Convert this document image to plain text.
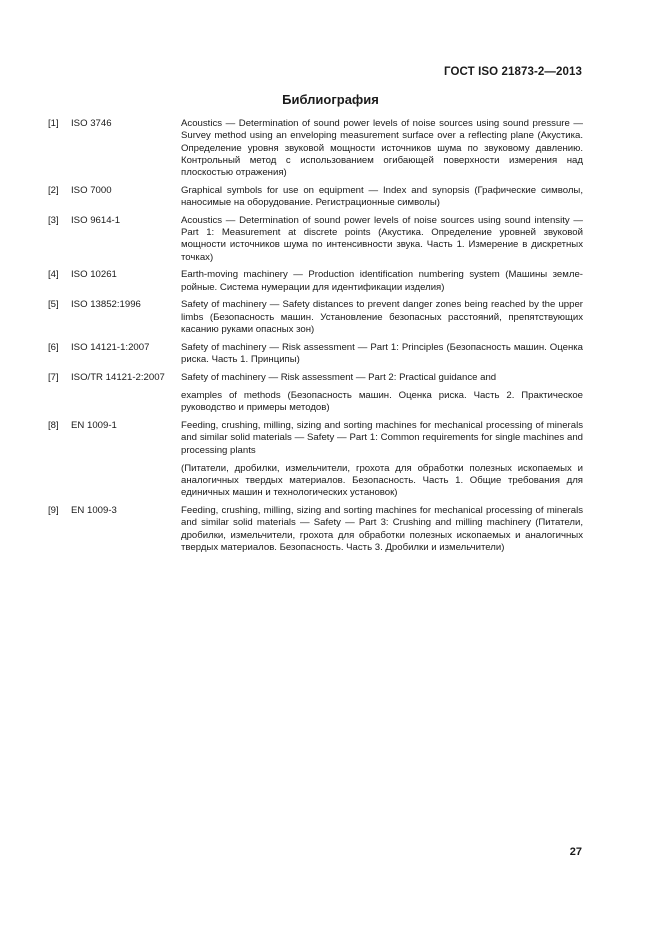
ГОСТ ISO 21873-2—2013
Библиография
[1]	ISO 3746	Acoustics — Determination of sound power levels of noise sources using sound pressure — Survey method using an enveloping measurement surface over a reflecting plane (Акустика. Определение уровня звуковой мощности источников шума по звуковому давлению. Контрольный метод с использованием огибающей поверхности измерения над плоскостью отражения)

[2]	ISO 7000	Graphical symbols for use on equipment — Index and synopsis (Графические символы, наносимые на оборудование. Регистрационные символы)

[3]	ISO 9614-1	Acoustics — Determination of sound power levels of noise sources using sound intensity — Part 1: Measurement at discrete points (Акустика. Определение уровней звуковой мощности источников шума по интенсивности звука. Часть 1. Измерение в дискретных точках)

[4]	ISO 10261	Earth-moving machinery — Production identification numbering system (Машины землеройные. Система нумерации для идентификации изделия)

[5]	ISO 13852:1996	Safety of machinery — Safety distances to prevent danger zones being reached by the upper limbs (Безопасность машин. Установление безопасных расстояний, препятствующих касанию руками опасных зон)

[6]	ISO 14121-1:2007	Safety of machinery — Risk assessment — Part 1: Principles (Безопасность машин. Оценка риска. Часть 1. Принципы)

[7]	ISO/TR 14121-2:2007	Safety of machinery — Risk assessment — Part 2: Practical guidance and

examples of methods (Безопасность машин. Оценка риска. Часть 2. Практическое руководство и примеры методов)

[8]	EN 1009-1	Feeding, crushing, milling, sizing and sorting machines for mechanical processing of minerals and similar solid materials — Safety — Part 1: Common requirements for single machines and processing plants

(Питатели, дробилки, измельчители, грохота для обработки полезных ископаемых и аналогичных твердых материалов. Безопасность. Часть 1. Общие требования для единичных машин и технологических установок)

[9]	EN 1009-3	Feeding, crushing, milling, sizing and sorting machines for mechanical processing of minerals and similar solid materials — Safety — Part 3: Crushing and milling machinery (Питатели, дробилки, измельчители, грохота для обработки полезных ископаемых и аналогичных твердых материалов. Безопасность. Часть 3. Дробилки и измельчители)

27
